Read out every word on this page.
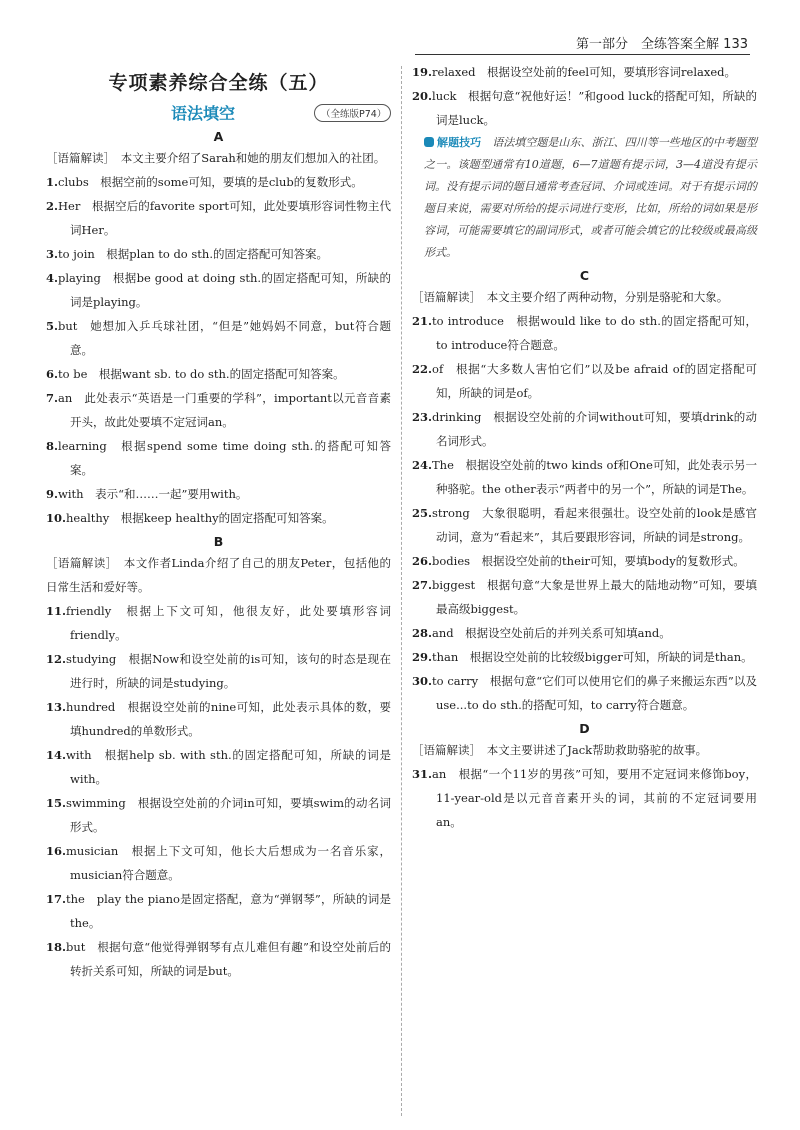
第一部分　全练答案全解 133
专项素养综合全练（五）
语法填空	（全练版P74）
A

［语篇解读］　本文主要介绍了Sarah和她的朋友们想加入的社团。

1.clubs　根据空前的some可知，要填的是club的复数形式。

2.Her　根据空后的favorite sport可知，此处要填形容词性物主代词Her。

3.to join　根据plan to do sth.的固定搭配可知答案。

4.playing　根据be good at doing sth.的固定搭配可知，所缺的词是playing。

5.but　她想加入乒乓球社团，“但是”她妈妈不同意，but符合题意。

6.to be　根据want sb. to do sth.的固定搭配可知答案。

7.an　此处表示“英语是一门重要的学科”，important以元音音素开头，故此处要填不定冠词an。

8.learning　根据spend some time doing sth.的搭配可知答案。

9.with　表示“和……一起”要用with。

10.healthy　根据keep healthy的固定搭配可知答案。

B

［语篇解读］　本文作者Linda介绍了自己的朋友Peter，包括他的日常生活和爱好等。

11.friendly　根据上下文可知，他很友好，此处要填形容词friendly。

12.studying　根据Now和设空处前的is可知，该句的时态是现在进行时，所缺的词是studying。

13.hundred　根据设空处前的nine可知，此处表示具体的数，要填hundred的单数形式。

14.with　根据help sb. with sth.的固定搭配可知，所缺的词是with。

15.swimming　根据设空处前的介词in可知，要填swim的动名词形式。

16.musician　根据上下文可知，他长大后想成为一名音乐家，musician符合题意。

17.the　play the piano是固定搭配，意为“弹钢琴”，所缺的词是the。

18.but　根据句意“他觉得弹钢琴有点儿难但有趣”和设空处前后的转折关系可知，所缺的词是but。

19.relaxed　根据设空处前的feel可知，要填形容词relaxed。

20.luck　根据句意“祝他好运！”和good luck的搭配可知，所缺的词是luck。

解题技巧　语法填空题是山东、浙江、四川等一些地区的中考题型之一。该题型通常有10道题，6—7道题有提示词，3—4道没有提示词。没有提示词的题目通常考查冠词、介词或连词。对于有提示词的题目来说，需要对所给的提示词进行变形，比如，所给的词如果是形容词，可能需要填它的副词形式，或者可能会填它的比较级或最高级形式。

C

［语篇解读］　本文主要介绍了两种动物，分别是骆驼和大象。

21.to introduce　根据would like to do sth.的固定搭配可知，to introduce符合题意。

22.of　根据“大多数人害怕它们”以及be afraid of的固定搭配可知，所缺的词是of。

23.drinking　根据设空处前的介词without可知，要填drink的动名词形式。

24.The　根据设空处前的two kinds of和One可知，此处表示另一种骆驼。the other表示“两者中的另一个”，所缺的词是The。

25.strong　大象很聪明，看起来很强壮。设空处前的look是感官动词，意为“看起来”，其后要跟形容词，所缺的词是strong。

26.bodies　根据设空处前的their可知，要填body的复数形式。

27.biggest　根据句意“大象是世界上最大的陆地动物”可知，要填最高级biggest。

28.and　根据设空处前后的并列关系可知填and。

29.than　根据设空处前的比较级bigger可知，所缺的词是than。

30.to carry　根据句意“它们可以使用它们的鼻子来搬运东西”以及use...to do sth.的搭配可知，to carry符合题意。

D

［语篇解读］　本文主要讲述了Jack帮助救助骆驼的故事。

31.an　根据“一个11岁的男孩”可知，要用不定冠词来修饰boy，11-year-old是以元音音素开头的词，其前的不定冠词要用an。
